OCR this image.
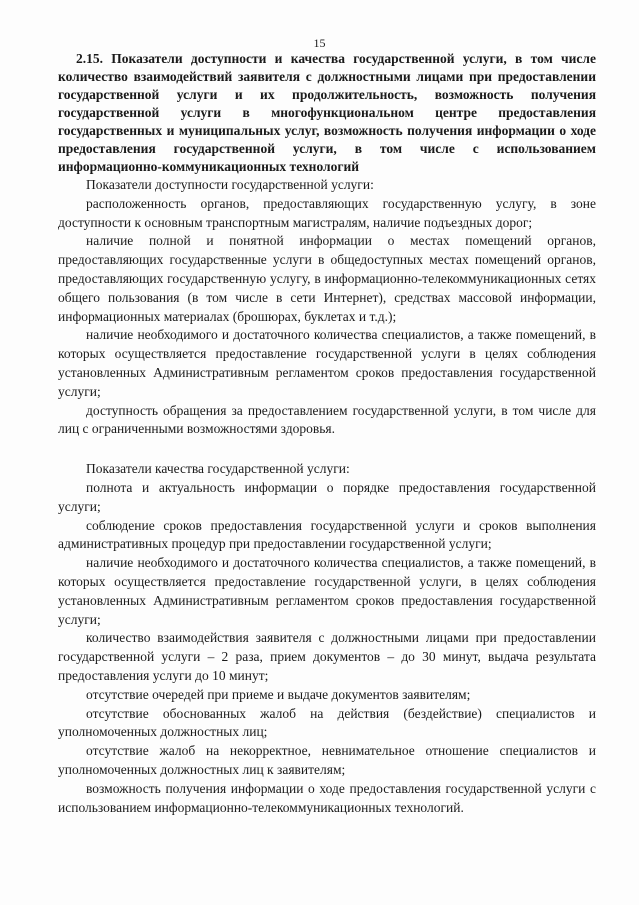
15

2.15. Показатели доступности и качества государственной услуги, в том числе количество взаимодействий заявителя с должностными лицами при предоставлении государственной услуги и их продолжительность, возможность получения государственной услуги в многофункциональном центре предоставления государственных и муниципальных услуг, возможность получения информации о ходе предоставления государственной услуги, в том числе с использованием информационно-коммуникационных технологий

Показатели доступности государственной услуги:

расположенность органов, предоставляющих государственную услугу, в зоне доступности к основным транспортным магистралям, наличие подъездных дорог;

наличие полной и понятной информации о местах помещений органов, предоставляющих государственные услуги в общедоступных местах помещений органов, предоставляющих государственную услугу, в информационно-телекоммуникационных сетях общего пользования (в том числе в сети Интернет), средствах массовой информации, информационных материалах (брошюрах, буклетах и т.д.);

наличие необходимого и достаточного количества специалистов, а также помещений, в которых осуществляется предоставление государственной услуги в целях соблюдения установленных Административным регламентом сроков предоставления государственной услуги;

доступность обращения за предоставлением государственной услуги, в том числе для лиц с ограниченными возможностями здоровья.

Показатели качества государственной услуги:

полнота и актуальность информации о порядке предоставления государственной услуги;

соблюдение сроков предоставления государственной услуги и сроков выполнения административных процедур при предоставлении государственной услуги;

наличие необходимого и достаточного количества специалистов, а также помещений, в которых осуществляется предоставление государственной услуги, в целях соблюдения установленных Административным регламентом сроков предоставления государственной услуги;

количество взаимодействия заявителя с должностными лицами при предоставлении государственной услуги – 2 раза, прием документов – до 30 минут, выдача результата предоставления услуги до 10 минут;

отсутствие очередей при приеме и выдаче документов заявителям;

отсутствие обоснованных жалоб на действия (бездействие) специалистов и уполномоченных должностных лиц;

отсутствие жалоб на некорректное, невнимательное отношение специалистов и уполномоченных должностных лиц к заявителям;

возможность получения информации о ходе предоставления государственной услуги с использованием информационно-телекоммуникационных технологий.
